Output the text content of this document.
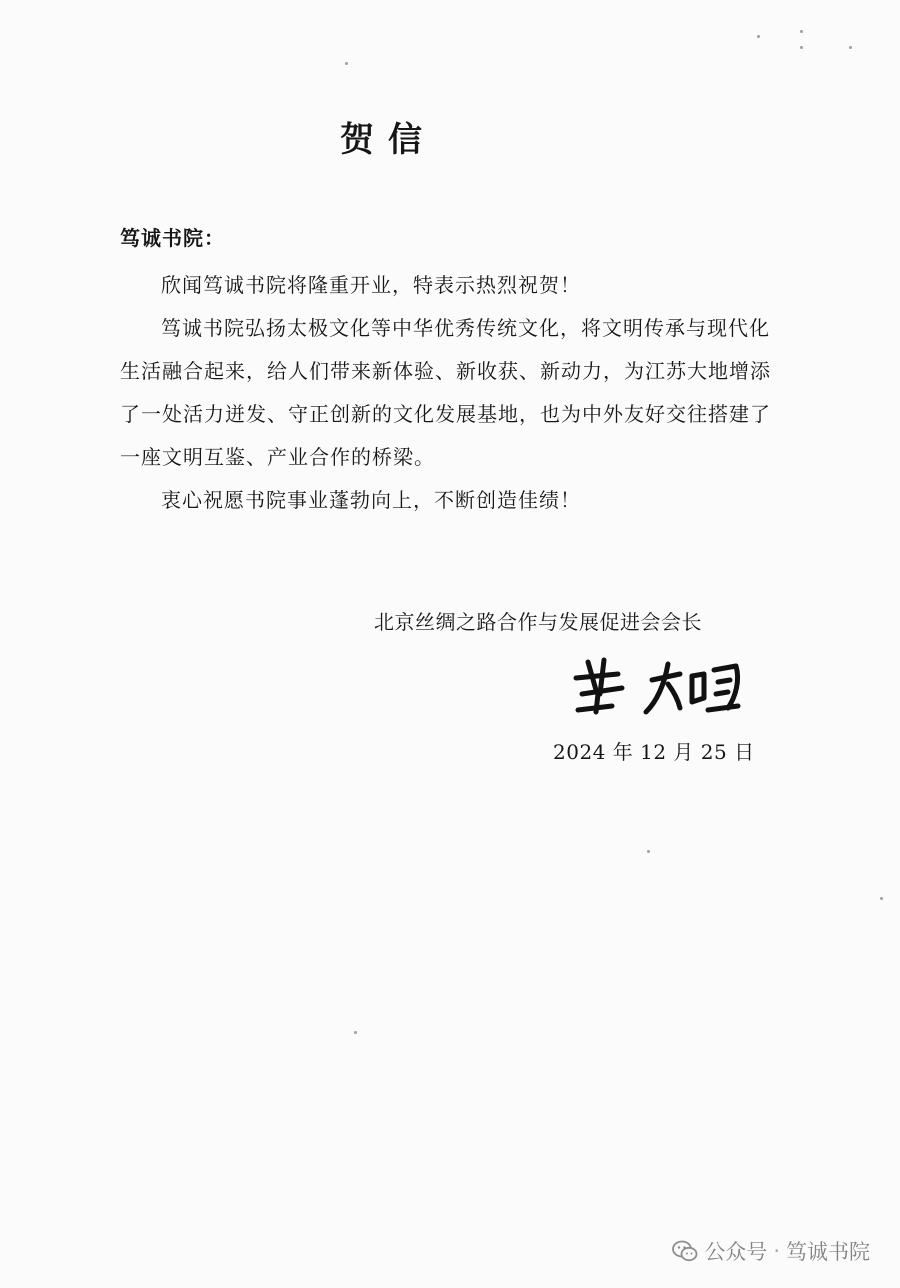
贺信
笃诚书院：

欣闻笃诚书院将隆重开业，特表示热烈祝贺！

笃诚书院弘扬太极文化等中华优秀传统文化，将文明传承与现代化生活融合起来，给人们带来新体验、新收获、新动力，为江苏大地增添了一处活力迸发、守正创新的文化发展基地，也为中外友好交往搭建了一座文明互鉴、产业合作的桥梁。

衷心祝愿书院事业蓬勃向上，不断创造佳绩！

北京丝绸之路合作与发展促进会会长
2024 年 12 月 25 日
公众号 · 笃诚书院
